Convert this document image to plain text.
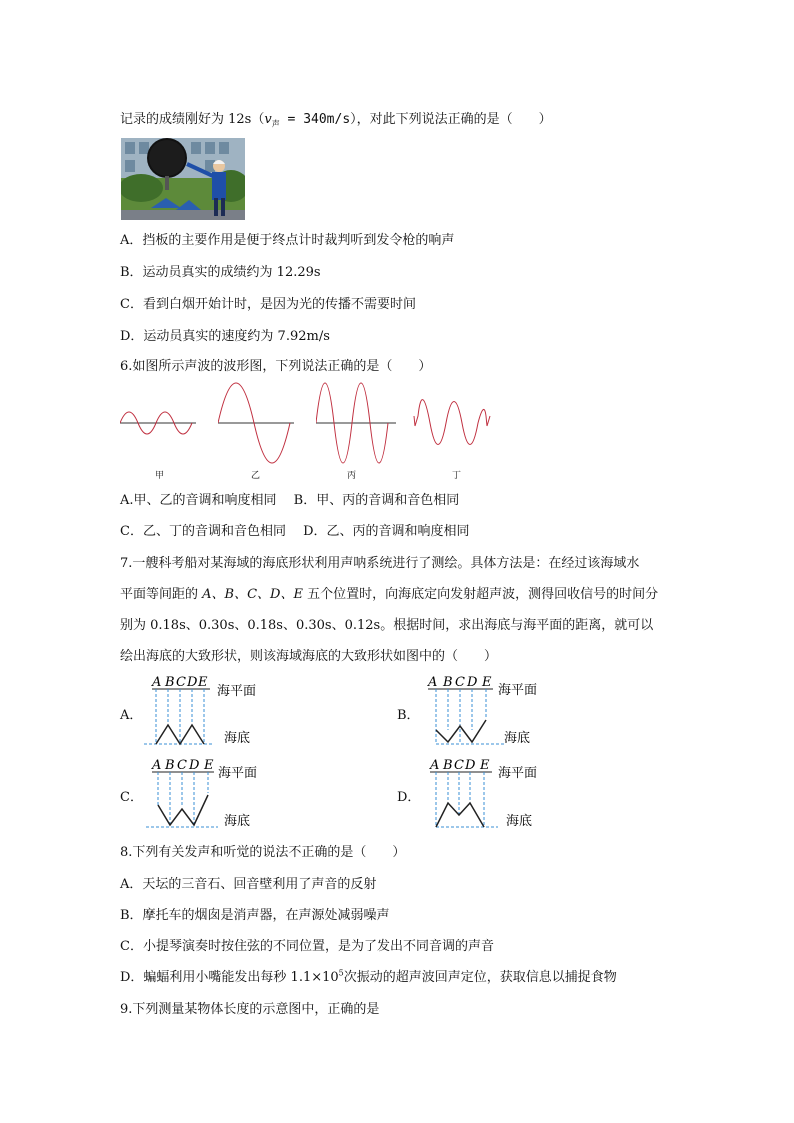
记录的成绩刚好为 $12s(v_声 = 340m/s)$，对此下列说法正确的是（　　）
A．挡板的主要作用是便于终点计时裁判听到发令枪的响声
B．运动员真实的成绩约为 12.29s
C．看到白烟开始计时，是因为光的传播不需要时间
D．运动员真实的速度约为 7.92m/s
6.如图所示声波的波形图，下列说法正确的是（　　）
甲	乙	丙	丁
A.甲、乙的音调和响度相同　 B．甲、丙的音调和音色相同
C．乙、丁的音调和音色相同　 D．乙、丙的音调和响度相同
7.一艘科考船对某海域的海底形状利用声呐系统进行了测绘。具体方法是：在经过该海域水
平面等间距的 A、B、C、D、E 五个位置时，向海底定向发射超声波，测得回收信号的时间分
别为 0.18s、0.30s、0.18s、0.30s、0.12s。根据时间，求出海底与海平面的距离，就可以
绘出海底的大致形状，则该海域海底的大致形状如图中的（　　）
A．	B．
C．	D．
A B C D E
海平面
海底
A B C D E
海平面
海底
A B C D E
海平面
海底
A B C D E
海平面
海底
8.下列有关发声和听觉的说法不正确的是（　　）
A．天坛的三音石、回音壁利用了声音的反射
B．摩托车的烟囱是消声器，在声源处减弱噪声
C．小提琴演奏时按住弦的不同位置，是为了发出不同音调的声音
D．蝙蝠利用小嘴能发出每秒 $1.1\times 10^5$次振动的超声波回声定位，获取信息以捕捉食物
9.下列测量某物体长度的示意图中，正确的是
